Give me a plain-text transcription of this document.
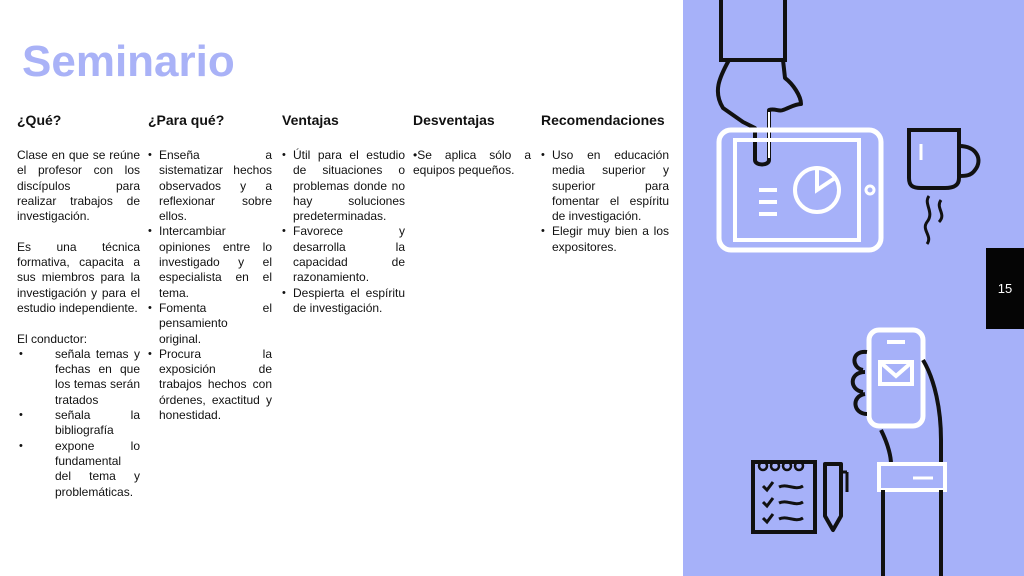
Seminario
¿Qué?

Clase en que se reúne el profesor con los discípulos para realizar trabajos de investigación.

Es una técnica formativa, capacita a sus miembros para la investigación y para el estudio independiente.

El conductor:

• señala temas y fechas en que los temas serán tratados
• señala la bibliografía
• expone lo fundamental del tema y problemáticas.
¿Para qué?
• Enseña a sistematizar hechos observados y a reflexionar sobre ellos.
• Intercambiar opiniones entre lo investigado y el especialista en el tema.
• Fomenta el pensamiento original.
• Procura la exposición de trabajos hechos con órdenes, exactitud y honestidad.
Ventajas
• Útil para el estudio de situaciones o problemas donde no hay soluciones predeterminadas.
• Favorece y desarrolla la capacidad de razonamiento.
• Despierta el espíritu de investigación.
Desventajas

•Se aplica sólo a equipos pequeños.

Recomendaciones
• Uso en educación media superior y superior para fomentar el espíritu de investigación.
• Elegir muy bien a los expositores.
15
